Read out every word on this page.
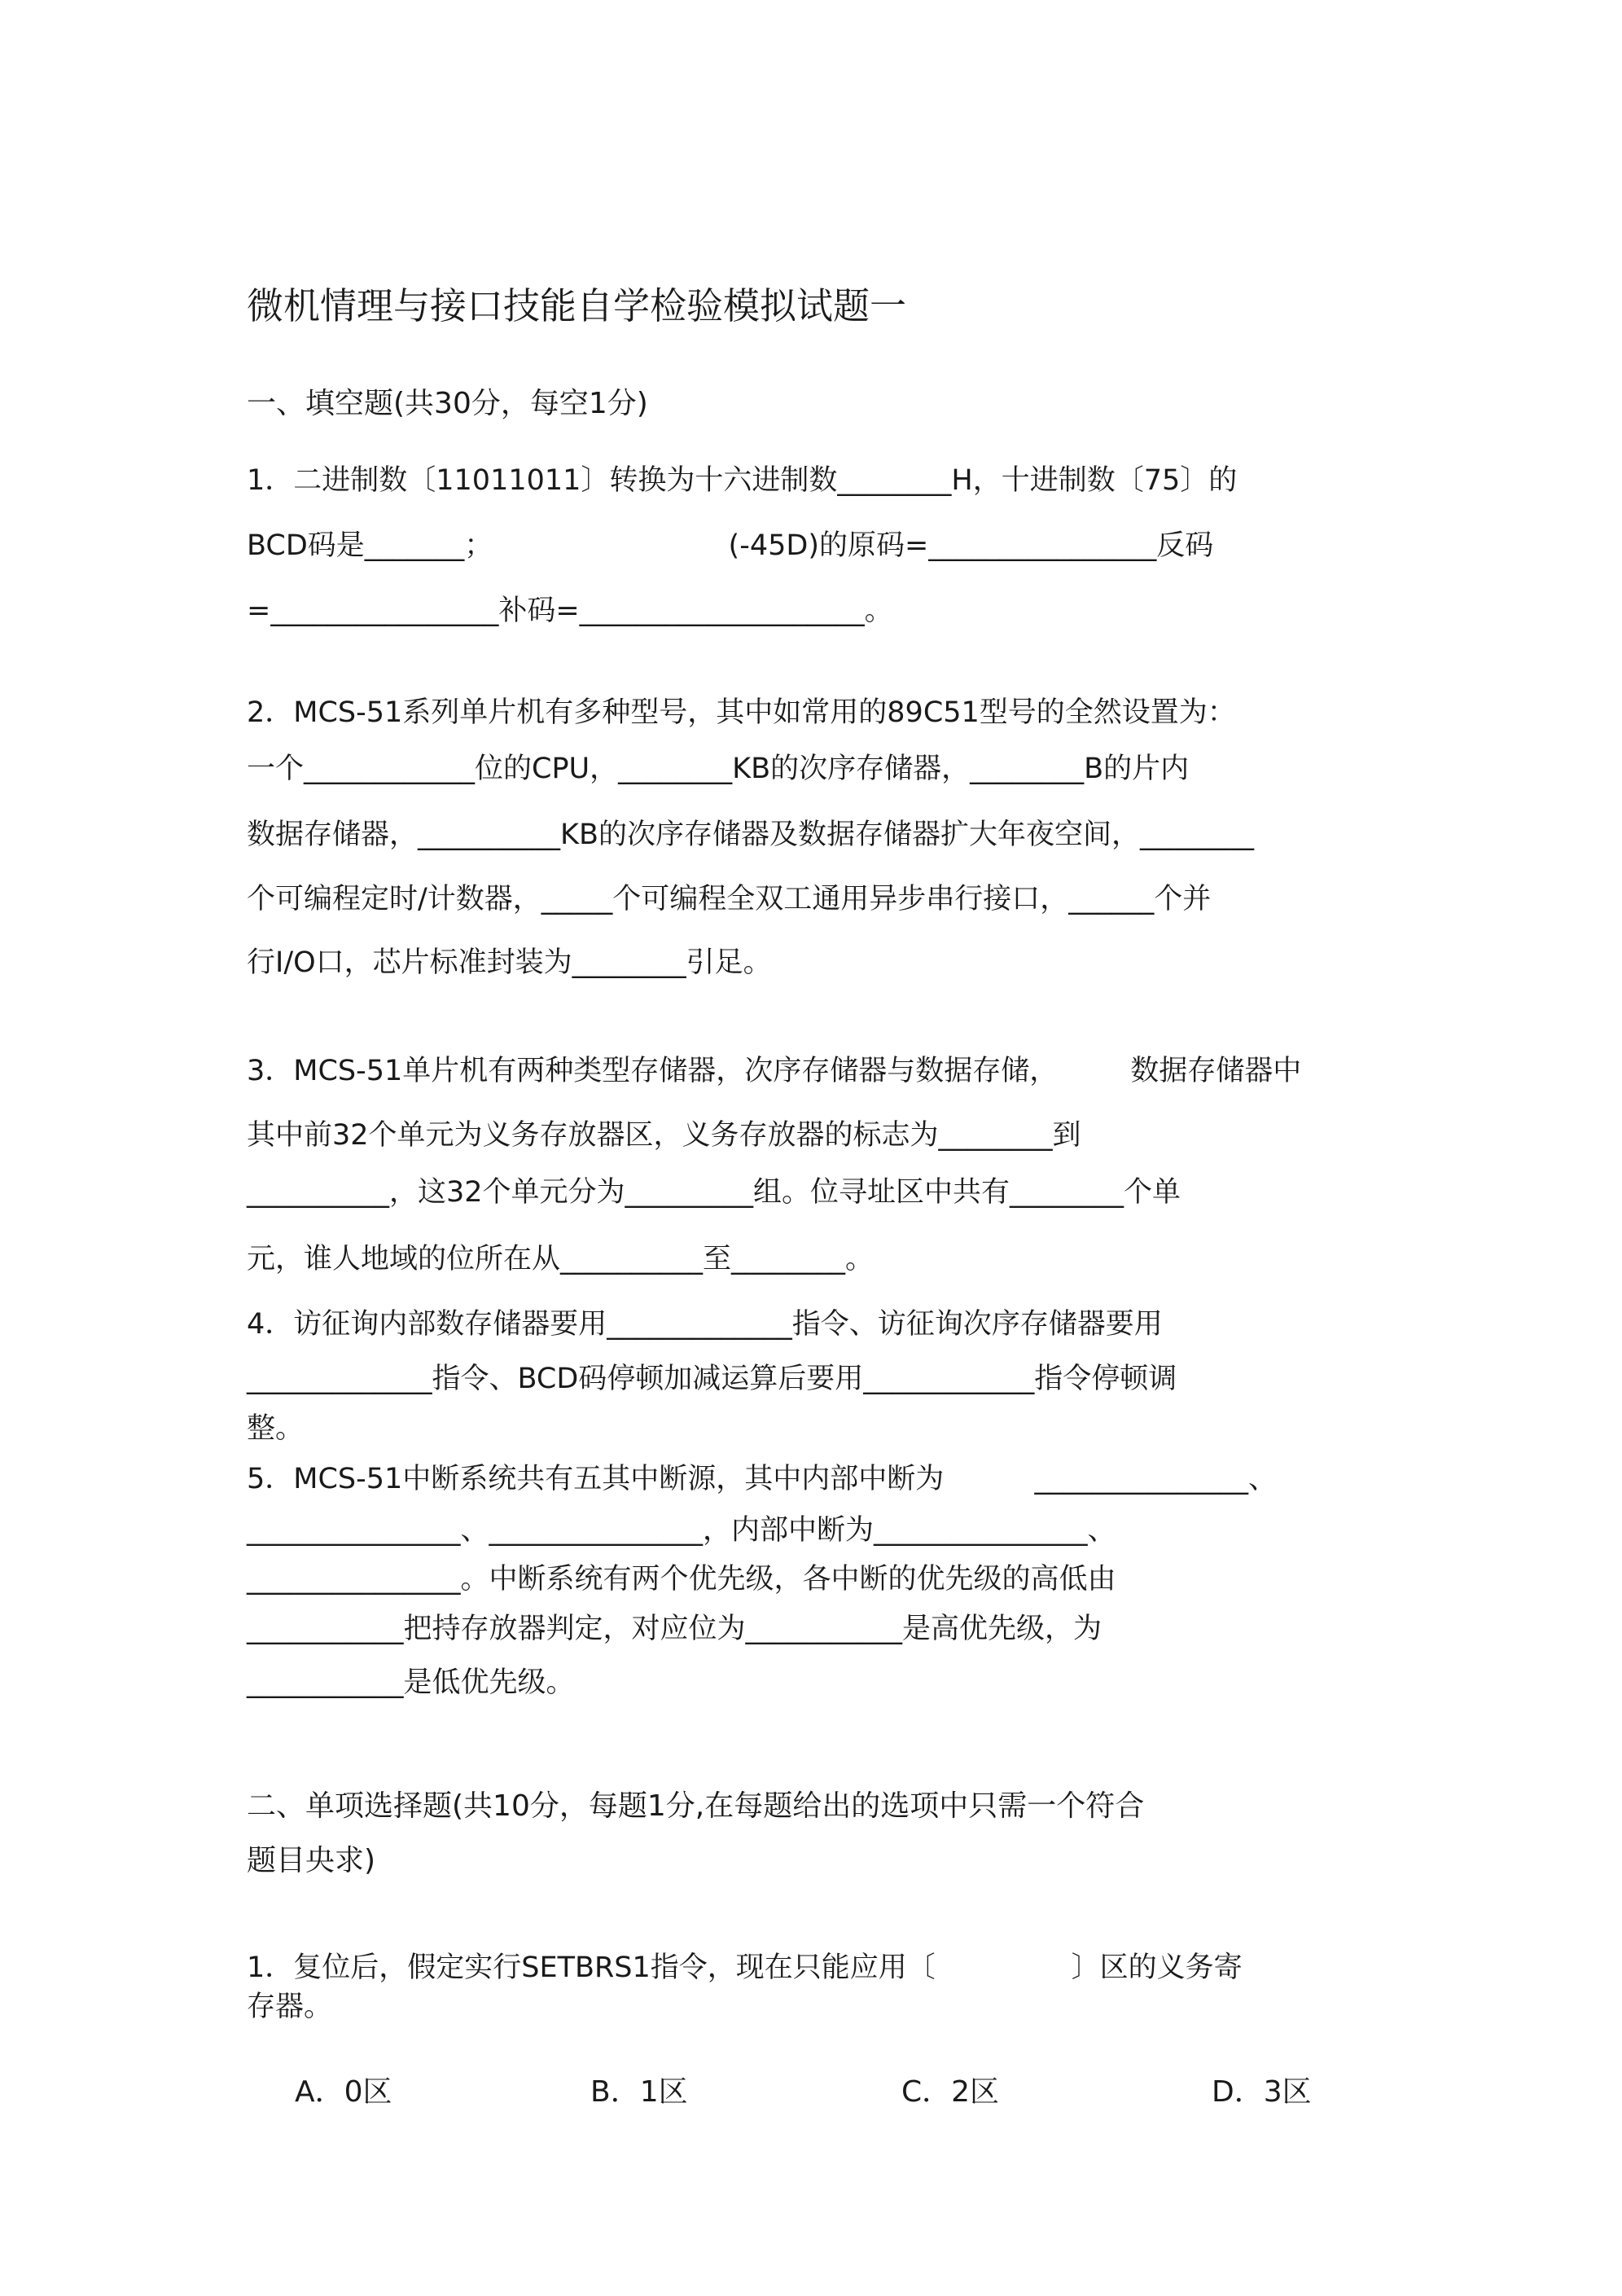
微机情理与接口技能自学检验模拟试题一

一、填空题(共30分，每空1分)

1．二进制数〔11011011〕转换为十六进制数________H，十进制数〔75〕的

BCD码是_______；                          (-45D)的原码=________________反码

=________________补码=____________________。

2．MCS-51系列单片机有多种型号，其中如常用的89C51型号的全然设置为：

一个____________位的CPU，________KB的次序存储器，________B的片内

数据存储器，__________KB的次序存储器及数据存储器扩大年夜空间，________

个可编程定时/计数器，_____个可编程全双工通用异步串行接口，______个并

行I/O口，芯片标准封装为________引足。

3．MCS-51单片机有两种类型存储器，次序存储器与数据存储，        数据存储器中

其中前32个单元为义务存放器区，义务存放器的标志为________到

__________，这32个单元分为_________组。位寻址区中共有________个单

元，谁人地域的位所在从__________至________。

4．访征询内部数存储器要用_____________指令、访征询次序存储器要用

_____________指令、BCD码停顿加减运算后要用____________指令停顿调

整。

5．MCS-51中断系统共有五其中断源，其中内部中断为          _______________、

_______________、_______________，内部中断为_______________、

_______________。中断系统有两个优先级，各中断的优先级的高低由

___________把持存放器判定，对应位为___________是高优先级，为

___________是低优先级。

二、单项选择题(共10分，每题1分,在每题给出的选项中只需一个符合

题目央求)

1．复位后，假定实行SETBRS1指令，现在只能应用〔               〕区的义务寄

存器。

A．0区	B．1区	C．2区	D．3区
